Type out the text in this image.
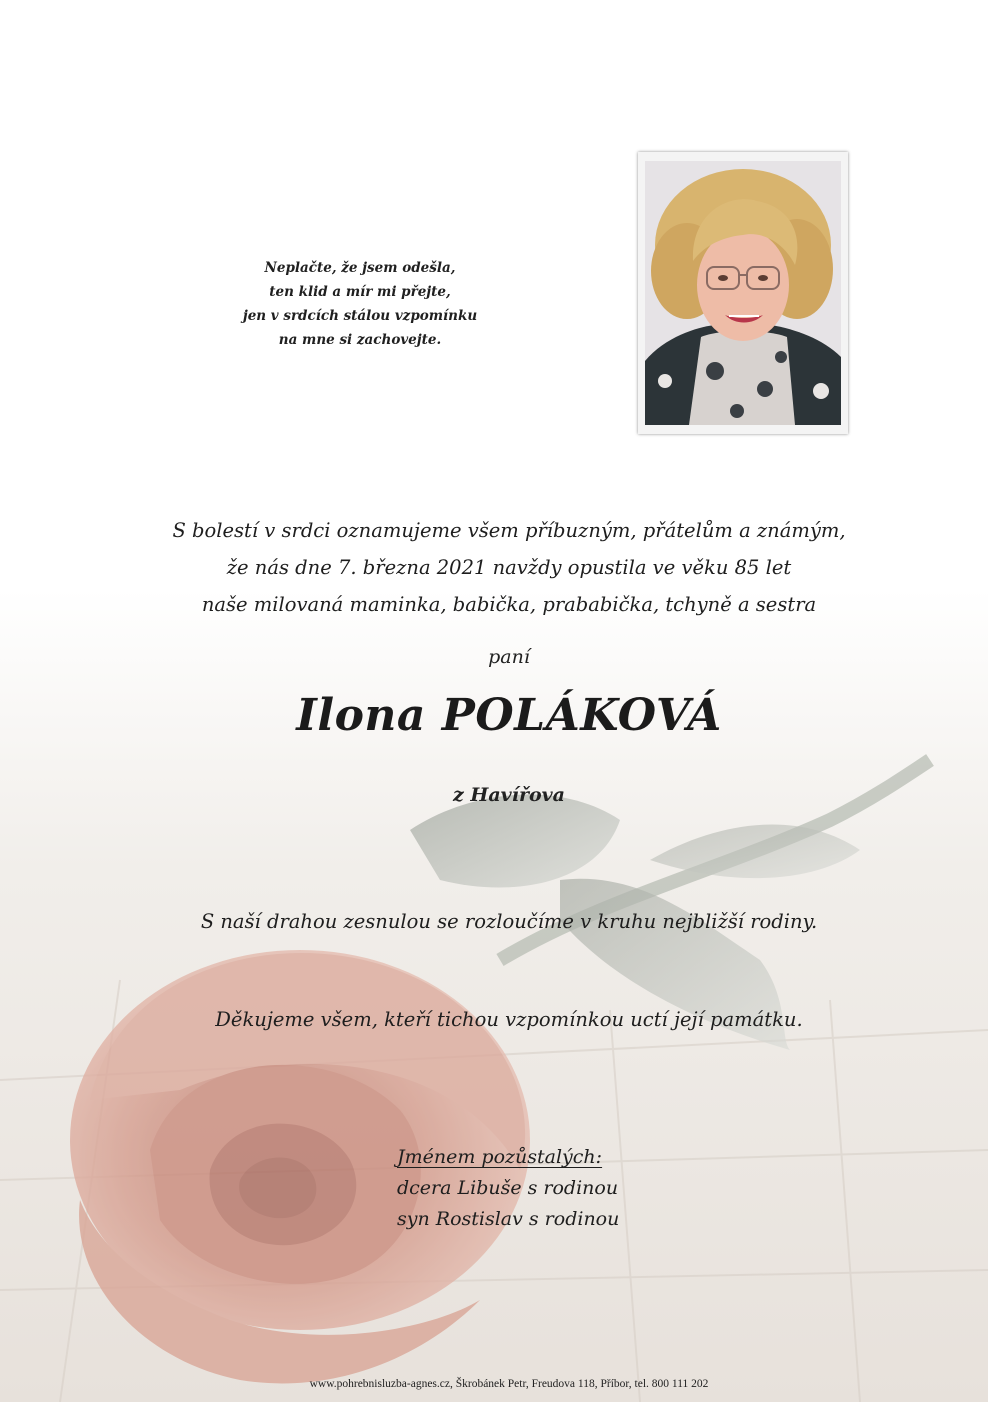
Neplačte, že jsem odešla,
ten klid a mír mi přejte,
jen v srdcích stálou vzpomínku
na mne si zachovejte.
S bolestí v srdci oznamujeme všem příbuzným, přátelům a známým,
že nás dne 7. března 2021 navždy opustila ve věku 85 let
naše milovaná maminka, babička, prababička, tchyně a sestra
paní
Ilona POLÁKOVÁ
z Havířova
S naší drahou zesnulou se rozloučíme v kruhu nejbližší rodiny.
Děkujeme všem, kteří tichou vzpomínkou uctí její památku.
Jménem pozůstalých:
dcera Libuše s rodinou
syn Rostislav s rodinou
www.pohrebnisluzba-agnes.cz, Škrobánek Petr, Freudova 118, Příbor, tel. 800 111 202
